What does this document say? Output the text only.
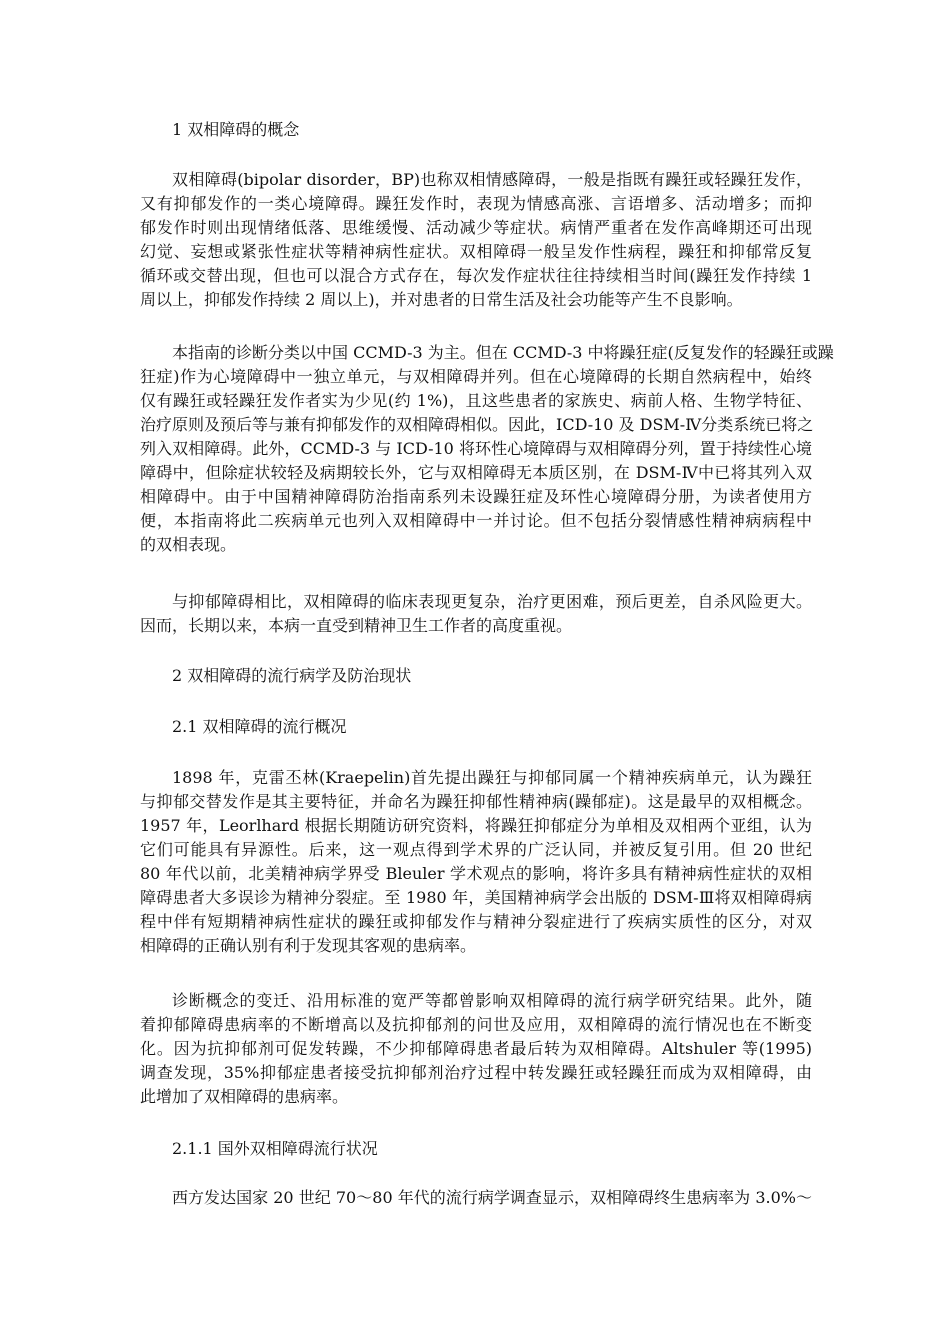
1 双相障碍的概念
双相障碍(bipolar disorder，BP)也称双相情感障碍，一般是指既有躁狂或轻躁狂发作，
又有抑郁发作的一类心境障碍。躁狂发作时，表现为情感高涨、言语增多、活动增多；而抑
郁发作时则出现情绪低落、思维缓慢、活动减少等症状。病情严重者在发作高峰期还可出现
幻觉、妄想或紧张性症状等精神病性症状。双相障碍一般呈发作性病程，躁狂和抑郁常反复
循环或交替出现，但也可以混合方式存在，每次发作症状往往持续相当时间(躁狂发作持续 1
周以上，抑郁发作持续 2 周以上)，并对患者的日常生活及社会功能等产生不良影响。
本指南的诊断分类以中国 CCMD-3 为主。但在 CCMD-3 中将躁狂症(反复发作的轻躁狂或躁
狂症)作为心境障碍中一独立单元，与双相障碍并列。但在心境障碍的长期自然病程中，始终
仅有躁狂或轻躁狂发作者实为少见(约 1%)，且这些患者的家族史、病前人格、生物学特征、
治疗原则及预后等与兼有抑郁发作的双相障碍相似。因此，ICD-10 及 DSM-Ⅳ分类系统已将之
列入双相障碍。此外，CCMD-3 与 ICD-10 将环性心境障碍与双相障碍分列，置于持续性心境
障碍中，但除症状较轻及病期较长外，它与双相障碍无本质区别，在 DSM-Ⅳ中已将其列入双
相障碍中。由于中国精神障碍防治指南系列未设躁狂症及环性心境障碍分册，为读者使用方
便，本指南将此二疾病单元也列入双相障碍中一并讨论。但不包括分裂情感性精神病病程中
的双相表现。
与抑郁障碍相比，双相障碍的临床表现更复杂，治疗更困难，预后更差，自杀风险更大。
因而，长期以来，本病一直受到精神卫生工作者的高度重视。
2 双相障碍的流行病学及防治现状
2.1 双相障碍的流行概况
1898 年，克雷丕林(Kraepelin)首先提出躁狂与抑郁同属一个精神疾病单元，认为躁狂
与抑郁交替发作是其主要特征，并命名为躁狂抑郁性精神病(躁郁症)。这是最早的双相概念。
1957 年，Leorlhard 根据长期随访研究资料，将躁狂抑郁症分为单相及双相两个亚组，认为
它们可能具有异源性。后来，这一观点得到学术界的广泛认同，并被反复引用。但 20 世纪
80 年代以前，北美精神病学界受 Bleuler 学术观点的影响，将许多具有精神病性症状的双相
障碍患者大多误诊为精神分裂症。至 1980 年，美国精神病学会出版的 DSM-Ⅲ将双相障碍病
程中伴有短期精神病性症状的躁狂或抑郁发作与精神分裂症进行了疾病实质性的区分，对双
相障碍的正确认别有利于发现其客观的患病率。
诊断概念的变迁、沿用标准的宽严等都曾影响双相障碍的流行病学研究结果。此外，随
着抑郁障碍患病率的不断增高以及抗抑郁剂的问世及应用，双相障碍的流行情况也在不断变
化。因为抗抑郁剂可促发转躁，不少抑郁障碍患者最后转为双相障碍。Altshuler 等(1995)
调查发现，35%抑郁症患者接受抗抑郁剂治疗过程中转发躁狂或轻躁狂而成为双相障碍，由
此增加了双相障碍的患病率。
2.1.1 国外双相障碍流行状况
西方发达国家 20 世纪 70～80 年代的流行病学调查显示，双相障碍终生患病率为 3.0%～
